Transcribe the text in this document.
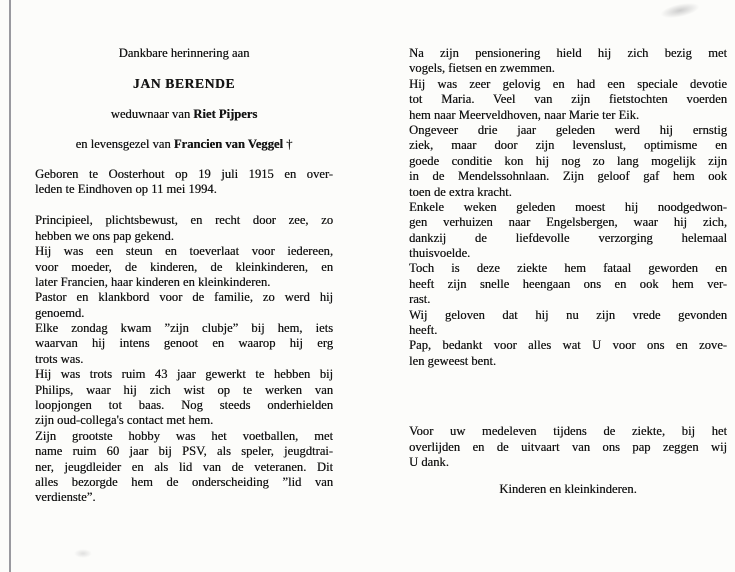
Dankbare herinnering aan
JAN BERENDE
weduwnaar van Riet Pijpers
en levensgezel van Francien van Veggel †
Geboren te Oosterhout op 19 juli 1915 en over-
leden te Eindhoven op 11 mei 1994.
Principieel, plichtsbewust, en recht door zee, zo
hebben we ons pap gekend.
Hij was een steun en toeverlaat voor iedereen,
voor moeder, de kinderen, de kleinkinderen, en
later Francien, haar kinderen en kleinkinderen.
Pastor en klankbord voor de familie, zo werd hij
genoemd.
Elke zondag kwam ”zijn clubje” bij hem, iets
waarvan hij intens genoot en waarop hij erg
trots was.
Hij was trots ruim 43 jaar gewerkt te hebben bij
Philips, waar hij zich wist op te werken van
loopjongen tot baas. Nog steeds onderhielden
zijn oud-collega's contact met hem.
Zijn grootste hobby was het voetballen, met
name ruim 60 jaar bij PSV, als speler, jeugdtrai-
ner, jeugdleider en als lid van de veteranen. Dit
alles bezorgde hem de onderscheiding ”lid van
verdienste”.
Na zijn pensionering hield hij zich bezig met
vogels, fietsen en zwemmen.
Hij was zeer gelovig en had een speciale devotie
tot Maria. Veel van zijn fietstochten voerden
hem naar Meerveldhoven, naar Marie ter Eik.
Ongeveer drie jaar geleden werd hij ernstig
ziek, maar door zijn levenslust, optimisme en
goede conditie kon hij nog zo lang mogelijk zijn
in de Mendelssohnlaan. Zijn geloof gaf hem ook
toen de extra kracht.
Enkele weken geleden moest hij noodgedwon-
gen verhuizen naar Engelsbergen, waar hij zich,
dankzij de liefdevolle verzorging helemaal
thuisvoelde.
Toch is deze ziekte hem fataal geworden en
heeft zijn snelle heengaan ons en ook hem ver-
rast.
Wij geloven dat hij nu zijn vrede gevonden
heeft.
Pap, bedankt voor alles wat U voor ons en zove-
len geweest bent.
Voor uw medeleven tijdens de ziekte, bij het
overlijden en de uitvaart van ons pap zeggen wij
U dank.
Kinderen en kleinkinderen.
